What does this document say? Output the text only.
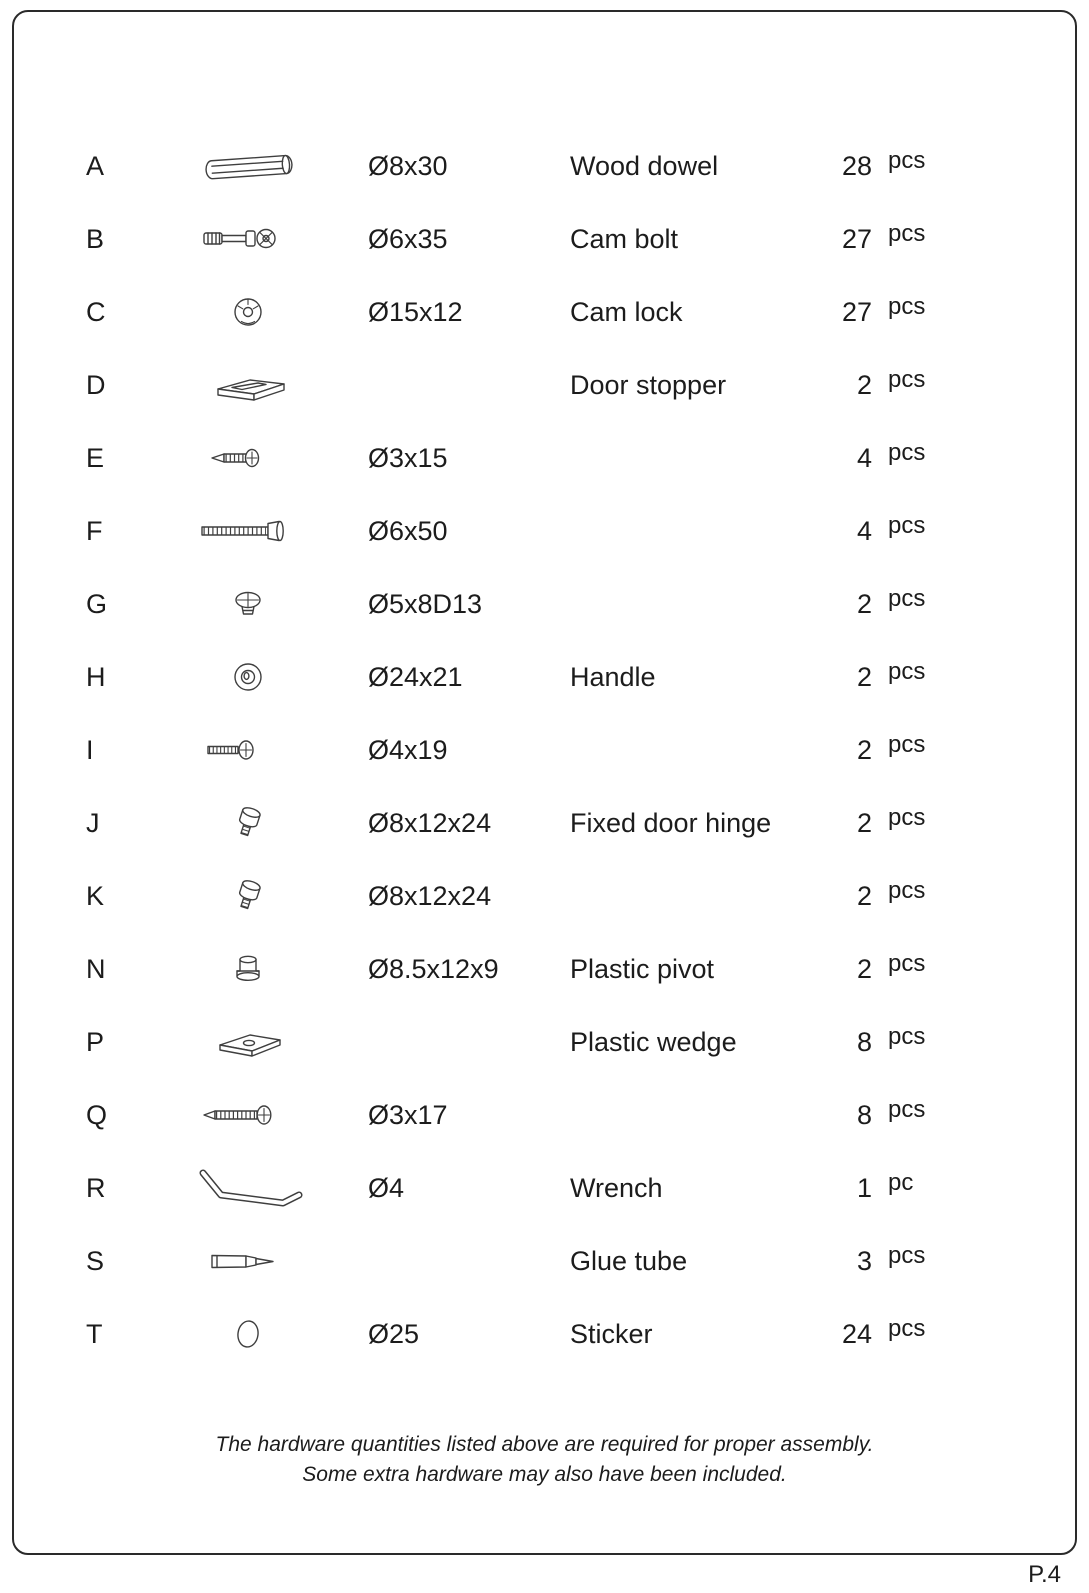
A	Ø8x30	Wood dowel	28 pcs
B	Ø6x35	Cam bolt	27 pcs
C	Ø15x12	Cam lock	27 pcs
D	Door stopper	2 pcs
E	Ø3x15	4 pcs
F	Ø6x50	4 pcs
G	Ø5x8D13	2 pcs
H	Ø24x21	Handle	2 pcs
I	Ø4x19	2 pcs
J	Ø8x12x24	Fixed door hinge	2 pcs
K	Ø8x12x24	2 pcs
N	Ø8.5x12x9	Plastic pivot	2 pcs
P	Plastic wedge	8 pcs
Q	Ø3x17	8 pcs
R	Ø4	Wrench	1 pc
S	Glue tube	3 pcs
T	Ø25	Sticker	24 pcs
The hardware quantities listed above are required for proper assembly.
Some extra hardware may also have been included.
P.4
